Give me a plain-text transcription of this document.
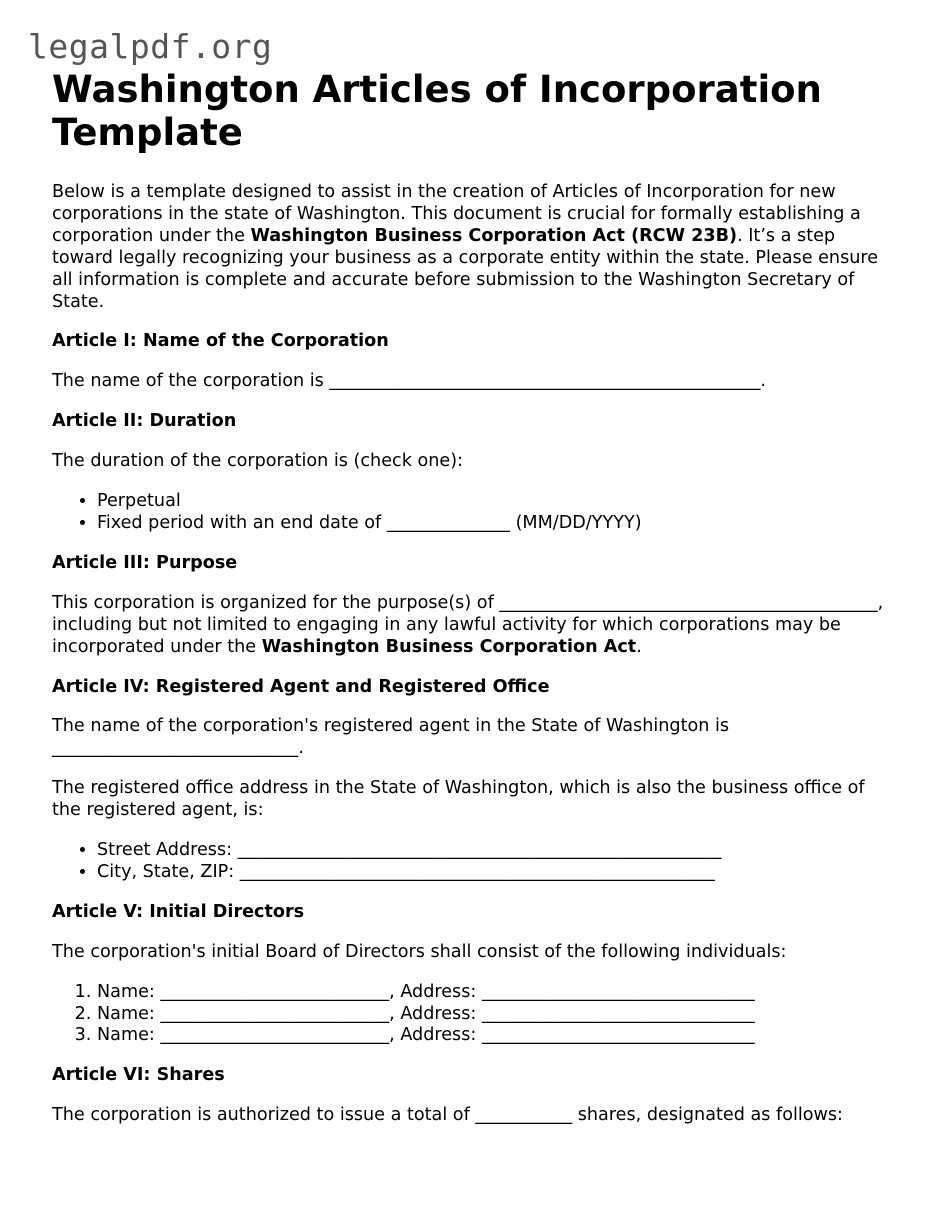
legalpdf.org
Washington Articles of Incorporation Template

Below is a template designed to assist in the creation of Articles of Incorporation for new corporations in the state of Washington. This document is crucial for formally establishing a corporation under the Washington Business Corporation Act (RCW 23B). It’s a step toward legally recognizing your business as a corporate entity within the state. Please ensure all information is complete and accurate before submission to the Washington Secretary of State.

Article I: Name of the Corporation

The name of the corporation is _________________________________________________.

Article II: Duration

The duration of the corporation is (check one):

• Perpetual
• Fixed period with an end date of ______________ (MM/DD/YYYY)
Article III: Purpose

This corporation is organized for the purpose(s) of ___________________________________________, including but not limited to engaging in any lawful activity for which corporations may be incorporated under the Washington Business Corporation Act.

Article IV: Registered Agent and Registered Office

The name of the corporation's registered agent in the State of Washington is ____________________________.

The registered office address in the State of Washington, which is also the business office of the registered agent, is:

• Street Address: _______________________________________________________
• City, State, ZIP: ______________________________________________________
Article V: Initial Directors

The corporation's initial Board of Directors shall consist of the following individuals:

1. Name: __________________________, Address: _______________________________
2. Name: __________________________, Address: _______________________________
3. Name: __________________________, Address: _______________________________
Article VI: Shares

The corporation is authorized to issue a total of ___________ shares, designated as follows:
